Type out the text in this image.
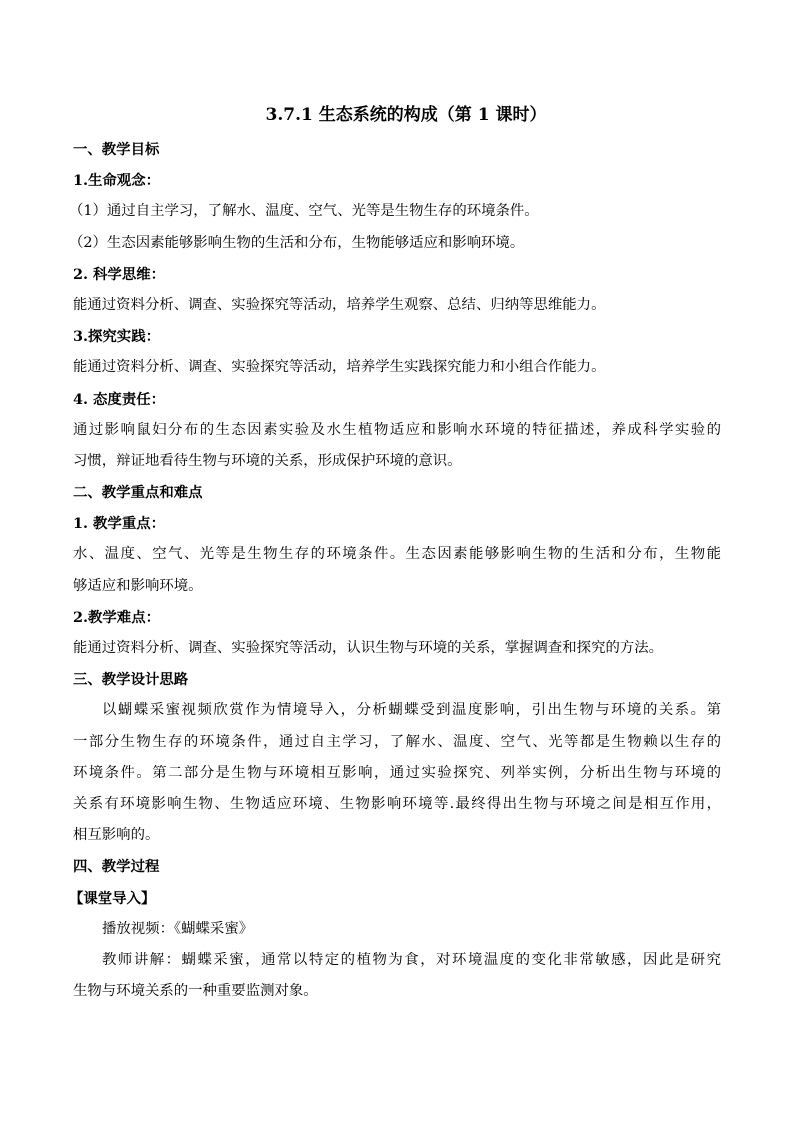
3.7.1 生态系统的构成（第 1 课时）
一、教学目标
1.生命观念：
（1）通过自主学习，了解水、温度、空气、光等是生物生存的环境条件。
（2）生态因素能够影响生物的生活和分布，生物能够适应和影响环境。
2. 科学思维：
能通过资料分析、调查、实验探究等活动，培养学生观察、总结、归纳等思维能力。
3.探究实践：
能通过资料分析、调查、实验探究等活动，培养学生实践探究能力和小组合作能力。
4. 态度责任：
通过影响鼠妇分布的生态因素实验及水生植物适应和影响水环境的特征描述，养成科学实验的
习惯，辩证地看待生物与环境的关系，形成保护环境的意识。
二、教学重点和难点
1. 教学重点：
水、温度、空气、光等是生物生存的环境条件。生态因素能够影响生物的生活和分布，生物能
够适应和影响环境。
2.教学难点：
能通过资料分析、调查、实验探究等活动，认识生物与环境的关系，掌握调查和探究的方法。
三、教学设计思路
以蝴蝶采蜜视频欣赏作为情境导入，分析蝴蝶受到温度影响，引出生物与环境的关系。第
一部分生物生存的环境条件，通过自主学习，了解水、温度、空气、光等都是生物赖以生存的
环境条件。第二部分是生物与环境相互影响，通过实验探究、列举实例，分析出生物与环境的
关系有环境影响生物、生物适应环境、生物影响环境等.最终得出生物与环境之间是相互作用，
相互影响的。
四、教学过程
【课堂导入】
播放视频：《蝴蝶采蜜》
教师讲解：蝴蝶采蜜，通常以特定的植物为食，对环境温度的变化非常敏感，因此是研究
生物与环境关系的一种重要监测对象。
